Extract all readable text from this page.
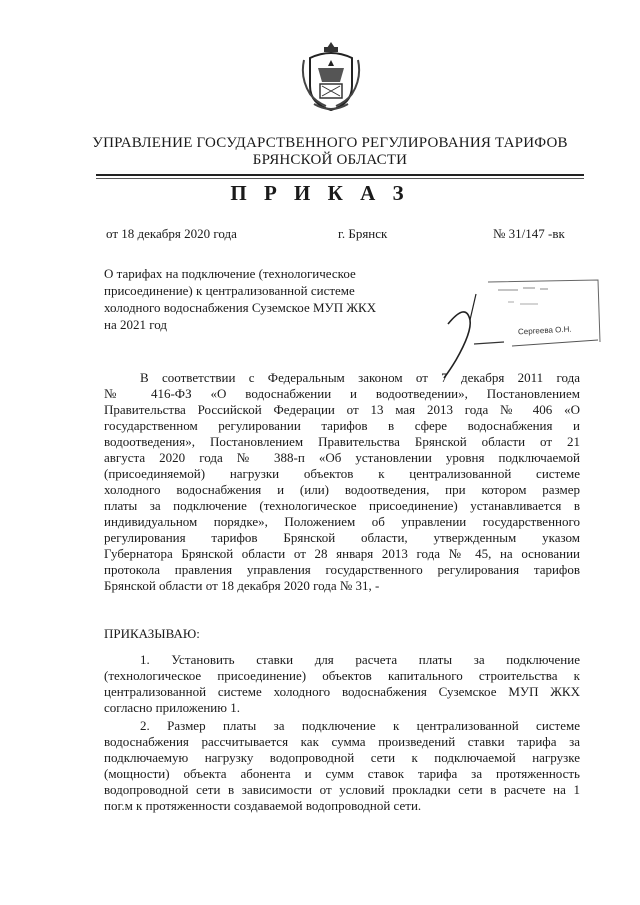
УПРАВЛЕНИЕ ГОСУДАРСТВЕННОГО РЕГУЛИРОВАНИЯ ТАРИФОВ
БРЯНСКОЙ ОБЛАСТИ
П Р И К А З
от 18 декабря 2020 года	г. Брянск	№ 31/147 -вк
О тарифах на подключение (технологическое
присоединение) к централизованной системе
холодного водоснабжения Суземское МУП ЖКХ
на 2021 год	Сергеева О.Н.
В соответствии с Федеральным законом от 7 декабря 2011 года
№ 416-ФЗ «О водоснабжении и водоотведении», Постановлением
Правительства Российской Федерации от 13 мая 2013 года № 406 «О
государственном регулировании тарифов в сфере водоснабжения и
водоотведения», Постановлением Правительства Брянской области от 21
августа 2020 года № 388-п «Об установлении уровня подключаемой
(присоединяемой) нагрузки объектов к централизованной системе
холодного водоснабжения и (или) водоотведения, при котором размер
платы за подключение (технологическое присоединение) устанавливается в
индивидуальном порядке», Положением об управлении государственного
регулирования тарифов Брянской области, утвержденным указом
Губернатора Брянской области от 28 января 2013 года № 45, на основании
протокола правления управления государственного регулирования тарифов
Брянской области от 18 декабря 2020 года № 31, -
ПРИКАЗЫВАЮ:
1. Установить ставки для расчета платы за подключение
(технологическое присоединение) объектов капитального строительства к
централизованной системе холодного водоснабжения Суземское МУП ЖКХ
согласно приложению 1.
2. Размер платы за подключение к централизованной системе
водоснабжения рассчитывается как сумма произведений ставки тарифа за
подключаемую нагрузку водопроводной сети к подключаемой нагрузке
(мощности) объекта абонента и сумм ставок тарифа за протяженность
водопроводной сети в зависимости от условий прокладки сети в расчете на 1
пог.м к протяженности создаваемой водопроводной сети.
